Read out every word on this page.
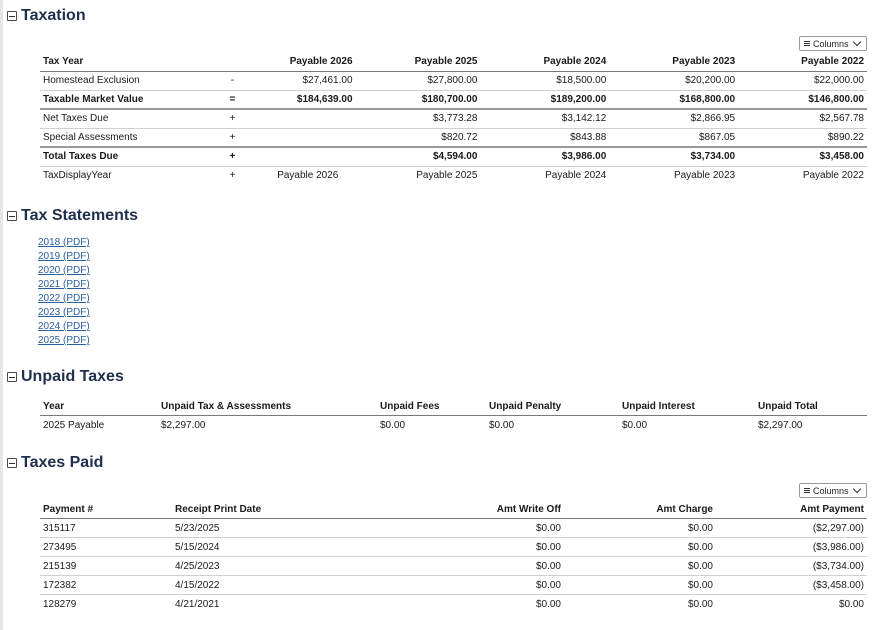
Taxation
Columns
Tax Year		Payable 2026	Payable 2025	Payable 2024	Payable 2023	Payable 2022
Homestead Exclusion	-	$27,461.00	$27,800.00	$18,500.00	$20,200.00	$22,000.00
Taxable Market Value	=	$184,639.00	$180,700.00	$189,200.00	$168,800.00	$146,800.00
Net Taxes Due	+		$3,773.28	$3,142.12	$2,866.95	$2,567.78
Special Assessments	+		$820.72	$843.88	$867.05	$890.22
Total Taxes Due	+		$4,594.00	$3,986.00	$3,734.00	$3,458.00
TaxDisplayYear	+	Payable 2026	Payable 2025	Payable 2024	Payable 2023	Payable 2022
Tax Statements
2018 (PDF)
2019 (PDF)
2020 (PDF)
2021 (PDF)
2022 (PDF)
2023 (PDF)
2024 (PDF)
2025 (PDF)
Unpaid Taxes
Year	Unpaid Tax & Assessments	Unpaid Fees	Unpaid Penalty	Unpaid Interest	Unpaid Total
2025 Payable	$2,297.00	$0.00	$0.00	$0.00	$2,297.00
Taxes Paid
Columns
Payment #	Receipt Print Date	Amt Write Off	Amt Charge	Amt Payment
315117	5/23/2025	$0.00	$0.00	($2,297.00)
273495	5/15/2024	$0.00	$0.00	($3,986.00)
215139	4/25/2023	$0.00	$0.00	($3,734.00)
172382	4/15/2022	$0.00	$0.00	($3,458.00)
128279	4/21/2021	$0.00	$0.00	$0.00
